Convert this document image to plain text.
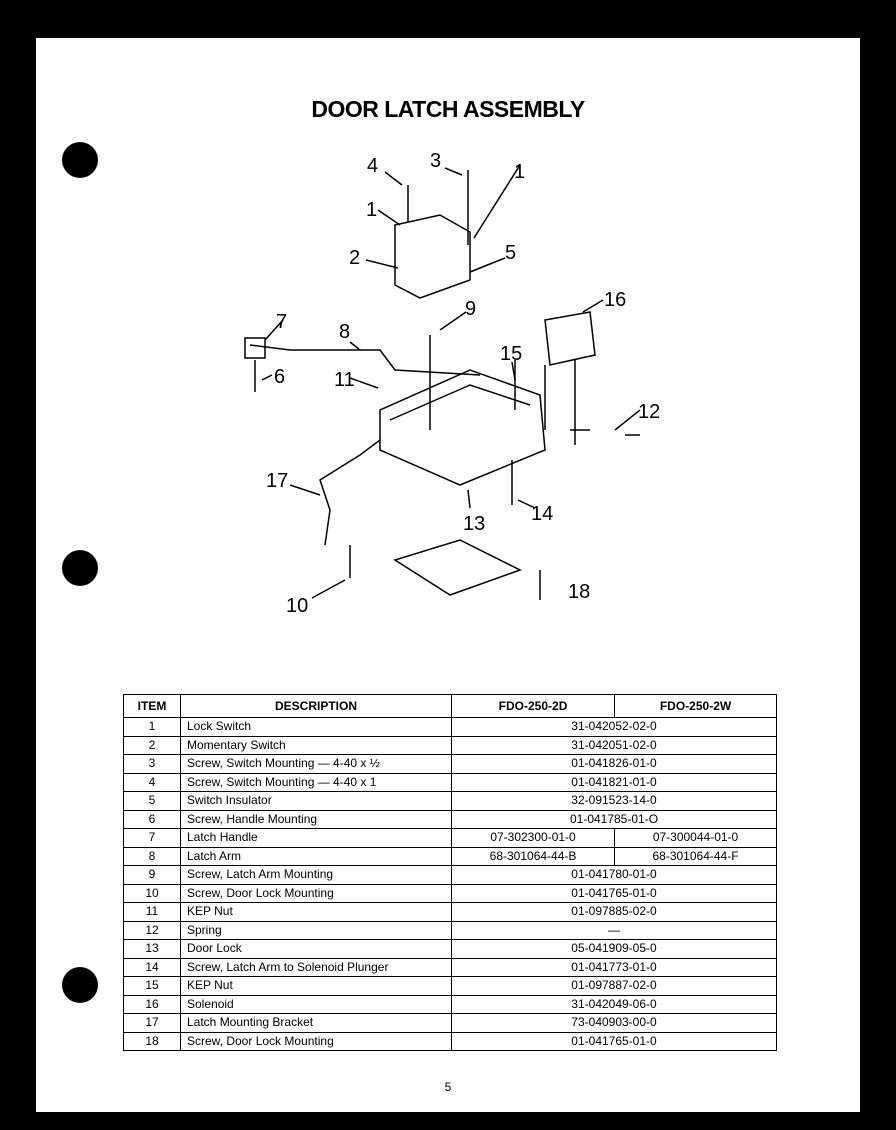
DOOR LATCH ASSEMBLY
4	3	1
1
2	5
9	16
7	8
15
6 11
12
17
13 14
10
18
ITEM	DESCRIPTION	FDO-250-2D	FDO-250-2W
1	Lock Switch	31-042052-02-0	
2	Momentary Switch	31-042051-02-0	
3	Screw, Switch Mounting — 4-40 x ½	01-041826-01-0	
4	Screw, Switch Mounting — 4-40 x 1	01-041821-01-0	
5	Switch Insulator	32-091523-14-0	
6	Screw, Handle Mounting	01-041785-01-O	
7	Latch Handle	07-302300-01-0	07-300044-01-0
8	Latch Arm	68-301064-44-B	68-301064-44-F
9	Screw, Latch Arm Mounting	01-041780-01-0	
10	Screw, Door Lock Mounting	01-041765-01-0	
11	KEP Nut	01-097885-02-0	
12	Spring	—	
13	Door Lock	05-041909-05-0	
14	Screw, Latch Arm to Solenoid Plunger	01-041773-01-0	
15	KEP Nut	01-097887-02-0	
16	Solenoid	31-042049-06-0	
17	Latch Mounting Bracket	73-040903-00-0	
18	Screw, Door Lock Mounting	01-041765-01-0	
5
